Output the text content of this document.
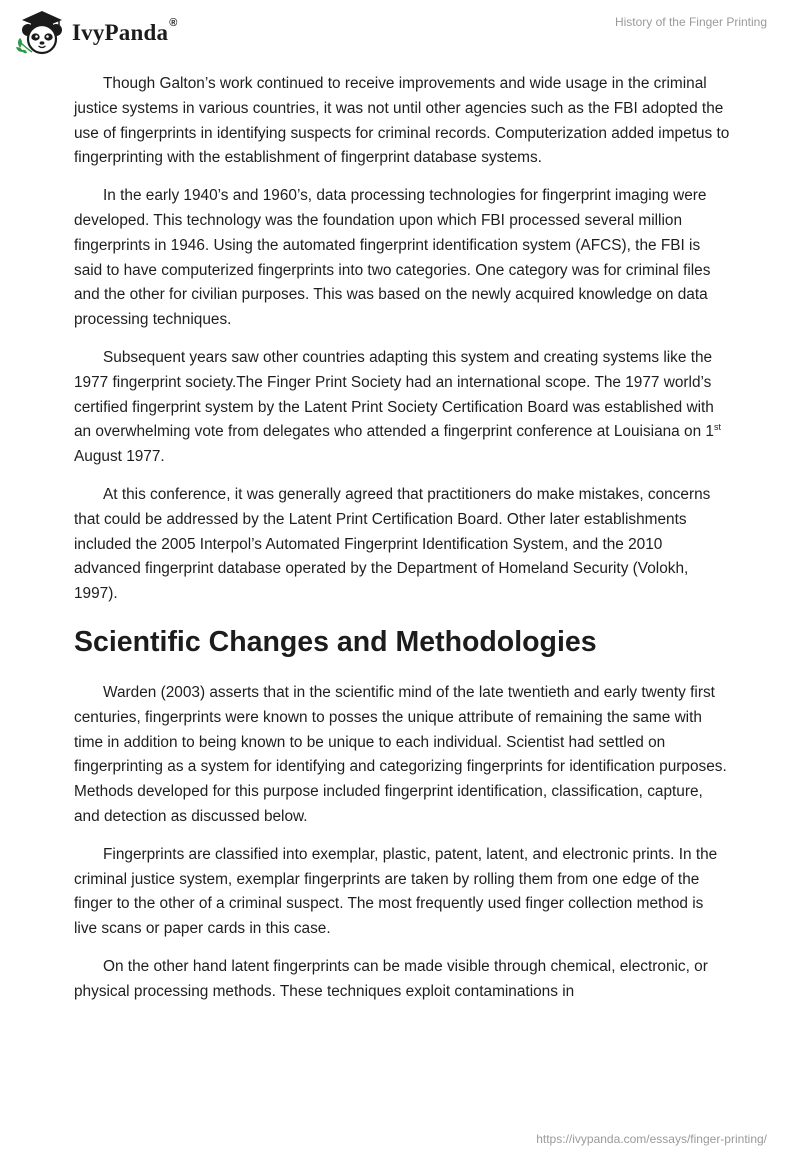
IvyPanda®	History of the Finger Printing

Though Galton’s work continued to receive improvements and wide usage in the criminal justice systems in various countries, it was not until other agencies such as the FBI adopted the use of fingerprints in identifying suspects for criminal records. Computerization added impetus to fingerprinting with the establishment of fingerprint database systems.

In the early 1940’s and 1960’s, data processing technologies for fingerprint imaging were developed. This technology was the foundation upon which FBI processed several million fingerprints in 1946. Using the automated fingerprint identification system (AFCS), the FBI is said to have computerized fingerprints into two categories. One category was for criminal files and the other for civilian purposes. This was based on the newly acquired knowledge on data processing techniques.

Subsequent years saw other countries adapting this system and creating systems like the 1977 fingerprint society.The Finger Print Society had an international scope. The 1977 world’s certified fingerprint system by the Latent Print Society Certification Board was established with an overwhelming vote from delegates who attended a fingerprint conference at Louisiana on 1st August 1977.

At this conference, it was generally agreed that practitioners do make mistakes, concerns that could be addressed by the Latent Print Certification Board. Other later establishments included the 2005 Interpol’s Automated Fingerprint Identification System, and the 2010 advanced fingerprint database operated by the Department of Homeland Security (Volokh, 1997).

Scientific Changes and Methodologies

Warden (2003) asserts that in the scientific mind of the late twentieth and early twenty first centuries, fingerprints were known to posses the unique attribute of remaining the same with time in addition to being known to be unique to each individual. Scientist had settled on fingerprinting as a system for identifying and categorizing fingerprints for identification purposes. Methods developed for this purpose included fingerprint identification, classification, capture, and detection as discussed below.

Fingerprints are classified into exemplar, plastic, patent, latent, and electronic prints. In the criminal justice system, exemplar fingerprints are taken by rolling them from one edge of the finger to the other of a criminal suspect. The most frequently used finger collection method is live scans or paper cards in this case.

On the other hand latent fingerprints can be made visible through chemical, electronic, or physical processing methods. These techniques exploit contaminations in

https://ivypanda.com/essays/finger-printing/
